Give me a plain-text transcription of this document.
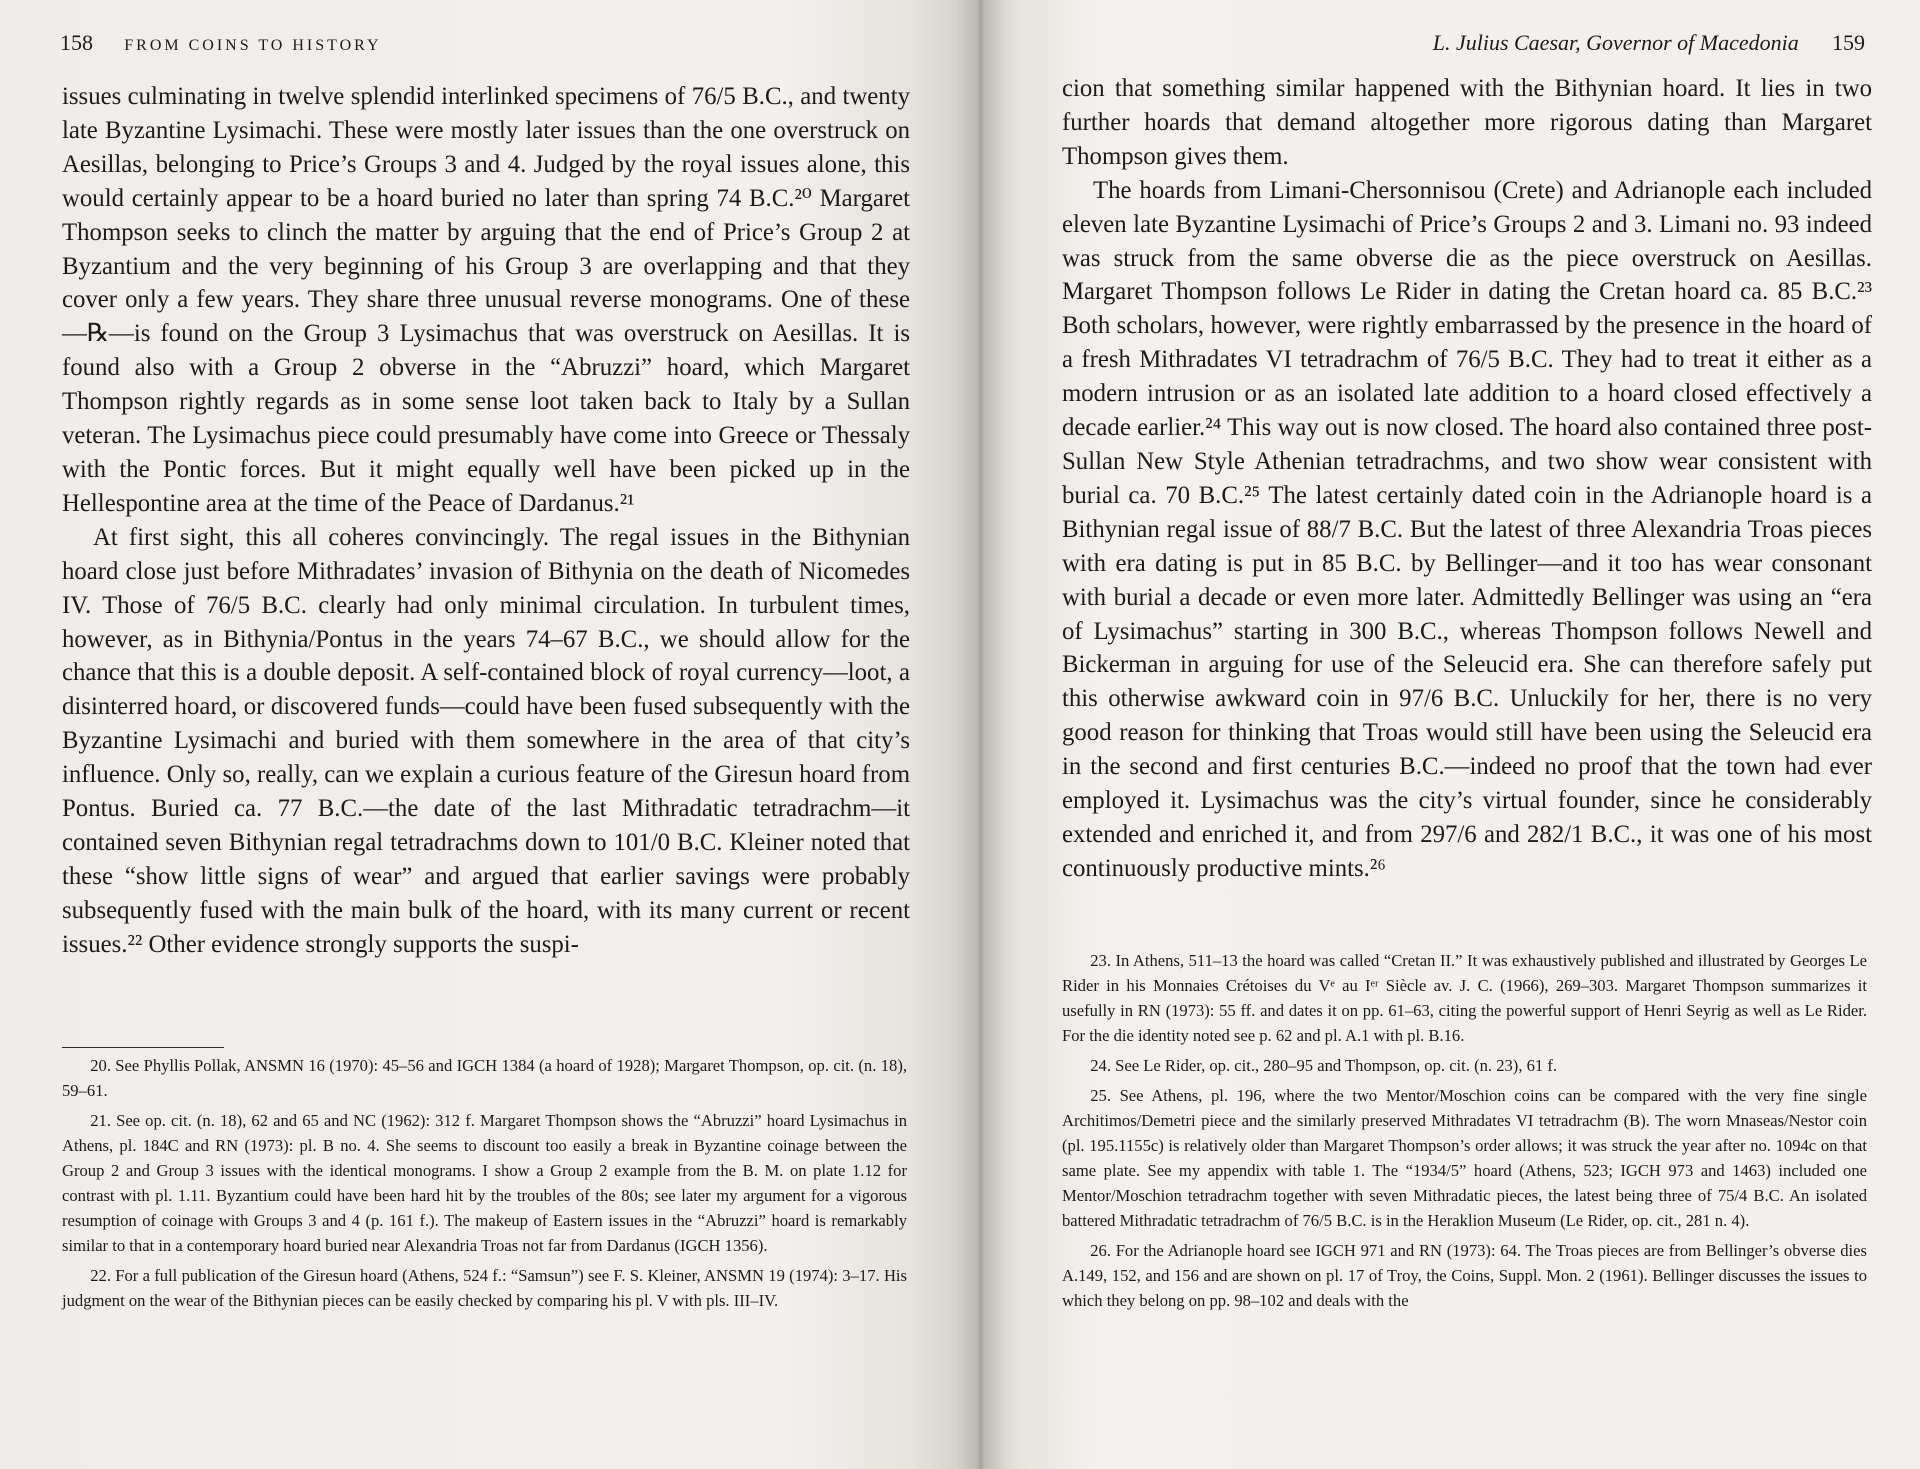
158 FROM COINS TO HISTORY

issues culminating in twelve splendid interlinked specimens of 76/5 B.C., and twenty late Byzantine Lysimachi. These were mostly later issues than the one overstruck on Aesillas, belonging to Price’s Groups 3 and 4. Judged by the royal issues alone, this would certainly appear to be a hoard buried no later than spring 74 B.C.²⁰ Margaret Thompson seeks to clinch the matter by arguing that the end of Price’s Group 2 at Byzantium and the very beginning of his Group 3 are overlapping and that they cover only a few years. They share three unusual reverse monograms. One of these—℞—is found on the Group 3 Lysimachus that was overstruck on Aesillas. It is found also with a Group 2 obverse in the “Abruzzi” hoard, which Margaret Thompson rightly regards as in some sense loot taken back to Italy by a Sullan veteran. The Lysimachus piece could presumably have come into Greece or Thessaly with the Pontic forces. But it might equally well have been picked up in the Hellespontine area at the time of the Peace of Dardanus.²¹

At first sight, this all coheres convincingly. The regal issues in the Bithynian hoard close just before Mithradates’ invasion of Bithynia on the death of Nicomedes IV. Those of 76/5 B.C. clearly had only minimal circulation. In turbulent times, however, as in Bithynia/Pontus in the years 74–67 B.C., we should allow for the chance that this is a double deposit. A self-contained block of royal currency—loot, a disinterred hoard, or discovered funds—could have been fused subsequently with the Byzantine Lysimachi and buried with them somewhere in the area of that city’s influence. Only so, really, can we explain a curious feature of the Giresun hoard from Pontus. Buried ca. 77 B.C.—the date of the last Mithradatic tetradrachm—it contained seven Bithynian regal tetradrachms down to 101/0 B.C. Kleiner noted that these “show little signs of wear” and argued that earlier savings were probably subsequently fused with the main bulk of the hoard, with its many current or recent issues.²² Other evidence strongly supports the suspi-

20. See Phyllis Pollak, ANSMN 16 (1970): 45–56 and IGCH 1384 (a hoard of 1928); Margaret Thompson, op. cit. (n. 18), 59–61.

21. See op. cit. (n. 18), 62 and 65 and NC (1962): 312 f. Margaret Thompson shows the “Abruzzi” hoard Lysimachus in Athens, pl. 184C and RN (1973): pl. B no. 4. She seems to discount too easily a break in Byzantine coinage between the Group 2 and Group 3 issues with the identical monograms. I show a Group 2 example from the B. M. on plate 1.12 for contrast with pl. 1.11. Byzantium could have been hard hit by the troubles of the 80s; see later my argument for a vigorous resumption of coinage with Groups 3 and 4 (p. 161 f.). The makeup of Eastern issues in the “Abruzzi” hoard is remarkably similar to that in a contemporary hoard buried near Alexandria Troas not far from Dardanus (IGCH 1356).

22. For a full publication of the Giresun hoard (Athens, 524 f.: “Samsun”) see F. S. Kleiner, ANSMN 19 (1974): 3–17. His judgment on the wear of the Bithynian pieces can be easily checked by comparing his pl. V with pls. III–IV.

L. Julius Caesar, Governor of Macedonia 159

cion that something similar happened with the Bithynian hoard. It lies in two further hoards that demand altogether more rigorous dating than Margaret Thompson gives them.

The hoards from Limani-Chersonnisou (Crete) and Adrianople each included eleven late Byzantine Lysimachi of Price’s Groups 2 and 3. Limani no. 93 indeed was struck from the same obverse die as the piece overstruck on Aesillas. Margaret Thompson follows Le Rider in dating the Cretan hoard ca. 85 B.C.²³ Both scholars, however, were rightly embarrassed by the presence in the hoard of a fresh Mithradates VI tetradrachm of 76/5 B.C. They had to treat it either as a modern intrusion or as an isolated late addition to a hoard closed effectively a decade earlier.²⁴ This way out is now closed. The hoard also contained three post-Sullan New Style Athenian tetradrachms, and two show wear consistent with burial ca. 70 B.C.²⁵ The latest certainly dated coin in the Adrianople hoard is a Bithynian regal issue of 88/7 B.C. But the latest of three Alexandria Troas pieces with era dating is put in 85 B.C. by Bellinger—and it too has wear consonant with burial a decade or even more later. Admittedly Bellinger was using an “era of Lysimachus” starting in 300 B.C., whereas Thompson follows Newell and Bickerman in arguing for use of the Seleucid era. She can therefore safely put this otherwise awkward coin in 97/6 B.C. Unluckily for her, there is no very good reason for thinking that Troas would still have been using the Seleucid era in the second and first centuries B.C.—indeed no proof that the town had ever employed it. Lysimachus was the city’s virtual founder, since he considerably extended and enriched it, and from 297/6 and 282/1 B.C., it was one of his most continuously productive mints.²⁶

23. In Athens, 511–13 the hoard was called “Cretan II.” It was exhaustively published and illustrated by Georges Le Rider in his Monnaies Crétoises du Vᵉ au Iᵉʳ Siècle av. J. C. (1966), 269–303. Margaret Thompson summarizes it usefully in RN (1973): 55 ff. and dates it on pp. 61–63, citing the powerful support of Henri Seyrig as well as Le Rider. For the die identity noted see p. 62 and pl. A.1 with pl. B.16.

24. See Le Rider, op. cit., 280–95 and Thompson, op. cit. (n. 23), 61 f.

25. See Athens, pl. 196, where the two Mentor/Moschion coins can be compared with the very fine single Architimos/Demetri piece and the similarly preserved Mithradates VI tetradrachm (B). The worn Mnaseas/Nestor coin (pl. 195.1155c) is relatively older than Margaret Thompson’s order allows; it was struck the year after no. 1094c on that same plate. See my appendix with table 1. The “1934/5” hoard (Athens, 523; IGCH 973 and 1463) included one Mentor/Moschion tetradrachm together with seven Mithradatic pieces, the latest being three of 75/4 B.C. An isolated battered Mithradatic tetradrachm of 76/5 B.C. is in the Heraklion Museum (Le Rider, op. cit., 281 n. 4).

26. For the Adrianople hoard see IGCH 971 and RN (1973): 64. The Troas pieces are from Bellinger’s obverse dies A.149, 152, and 156 and are shown on pl. 17 of Troy, the Coins, Suppl. Mon. 2 (1961). Bellinger discusses the issues to which they belong on pp. 98–102 and deals with the
